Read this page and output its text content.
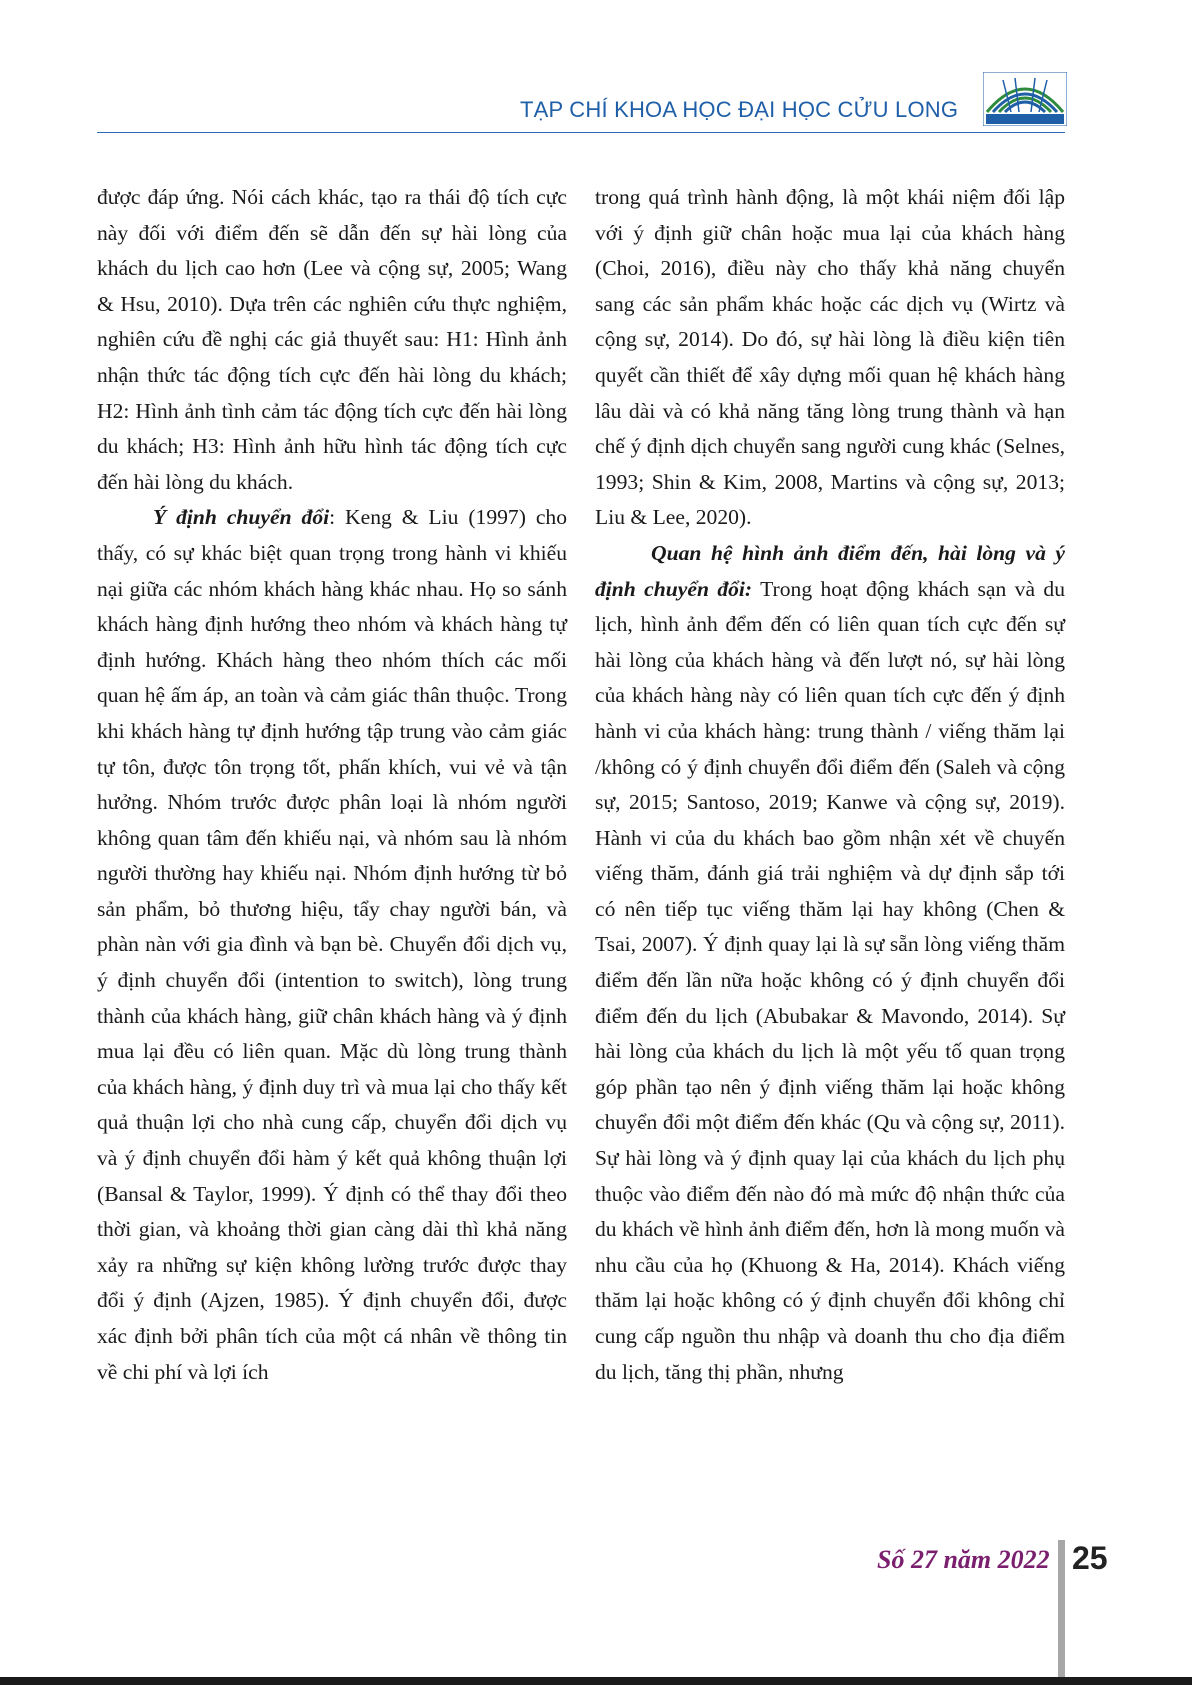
TẠP CHÍ KHOA HỌC ĐẠI HỌC CỬU LONG

được đáp ứng. Nói cách khác, tạo ra thái độ tích cực này đối với điểm đến sẽ dẫn đến sự hài lòng của khách du lịch cao hơn (Lee và cộng sự, 2005; Wang & Hsu, 2010). Dựa trên các nghiên cứu thực nghiệm, nghiên cứu đề nghị các giả thuyết sau: H1: Hình ảnh nhận thức tác động tích cực đến hài lòng du khách; H2: Hình ảnh tình cảm tác động tích cực đến hài lòng du khách; H3: Hình ảnh hữu hình tác động tích cực đến hài lòng du khách.

Ý định chuyển đổi: Keng & Liu (1997) cho thấy, có sự khác biệt quan trọng trong hành vi khiếu nại giữa các nhóm khách hàng khác nhau. Họ so sánh khách hàng định hướng theo nhóm và khách hàng tự định hướng. Khách hàng theo nhóm thích các mối quan hệ ấm áp, an toàn và cảm giác thân thuộc. Trong khi khách hàng tự định hướng tập trung vào cảm giác tự tôn, được tôn trọng tốt, phấn khích, vui vẻ và tận hưởng. Nhóm trước được phân loại là nhóm người không quan tâm đến khiếu nại, và nhóm sau là nhóm người thường hay khiếu nại. Nhóm định hướng từ bỏ sản phẩm, bỏ thương hiệu, tẩy chay người bán, và phàn nàn với gia đình và bạn bè. Chuyển đổi dịch vụ, ý định chuyển đổi (intention to switch), lòng trung thành của khách hàng, giữ chân khách hàng và ý định mua lại đều có liên quan. Mặc dù lòng trung thành của khách hàng, ý định duy trì và mua lại cho thấy kết quả thuận lợi cho nhà cung cấp, chuyển đổi dịch vụ và ý định chuyển đổi hàm ý kết quả không thuận lợi (Bansal & Taylor, 1999). Ý định có thể thay đổi theo thời gian, và khoảng thời gian càng dài thì khả năng xảy ra những sự kiện không lường trước được thay đổi ý định (Ajzen, 1985). Ý định chuyển đổi, được xác định bởi phân tích của một cá nhân về thông tin về chi phí và lợi ích

trong quá trình hành động, là một khái niệm đối lập với ý định giữ chân hoặc mua lại của khách hàng (Choi, 2016), điều này cho thấy khả năng chuyển sang các sản phẩm khác hoặc các dịch vụ (Wirtz và cộng sự, 2014). Do đó, sự hài lòng là điều kiện tiên quyết cần thiết để xây dựng mối quan hệ khách hàng lâu dài và có khả năng tăng lòng trung thành và hạn chế ý định dịch chuyển sang người cung khác (Selnes, 1993; Shin & Kim, 2008, Martins và cộng sự, 2013; Liu & Lee, 2020).

Quan hệ hình ảnh điểm đến, hài lòng và ý định chuyển đổi: Trong hoạt động khách sạn và du lịch, hình ảnh đểm đến có liên quan tích cực đến sự hài lòng của khách hàng và đến lượt nó, sự hài lòng của khách hàng này có liên quan tích cực đến ý định hành vi của khách hàng: trung thành / viếng thăm lại /không có ý định chuyển đổi điểm đến (Saleh và cộng sự, 2015; Santoso, 2019; Kanwe và cộng sự, 2019). Hành vi của du khách bao gồm nhận xét về chuyến viếng thăm, đánh giá trải nghiệm và dự định sắp tới có nên tiếp tục viếng thăm lại hay không (Chen & Tsai, 2007). Ý định quay lại là sự sẵn lòng viếng thăm điểm đến lần nữa hoặc không có ý định chuyển đổi điểm đến du lịch (Abubakar & Mavondo, 2014). Sự hài lòng của khách du lịch là một yếu tố quan trọng góp phần tạo nên ý định viếng thăm lại hoặc không chuyển đổi một điểm đến khác (Qu và cộng sự, 2011). Sự hài lòng và ý định quay lại của khách du lịch phụ thuộc vào điểm đến nào đó mà mức độ nhận thức của du khách về hình ảnh điểm đến, hơn là mong muốn và nhu cầu của họ (Khuong & Ha, 2014). Khách viếng thăm lại hoặc không có ý định chuyển đổi không chỉ cung cấp nguồn thu nhập và doanh thu cho địa điểm du lịch, tăng thị phần, nhưng

Số 27 năm 2022 25
